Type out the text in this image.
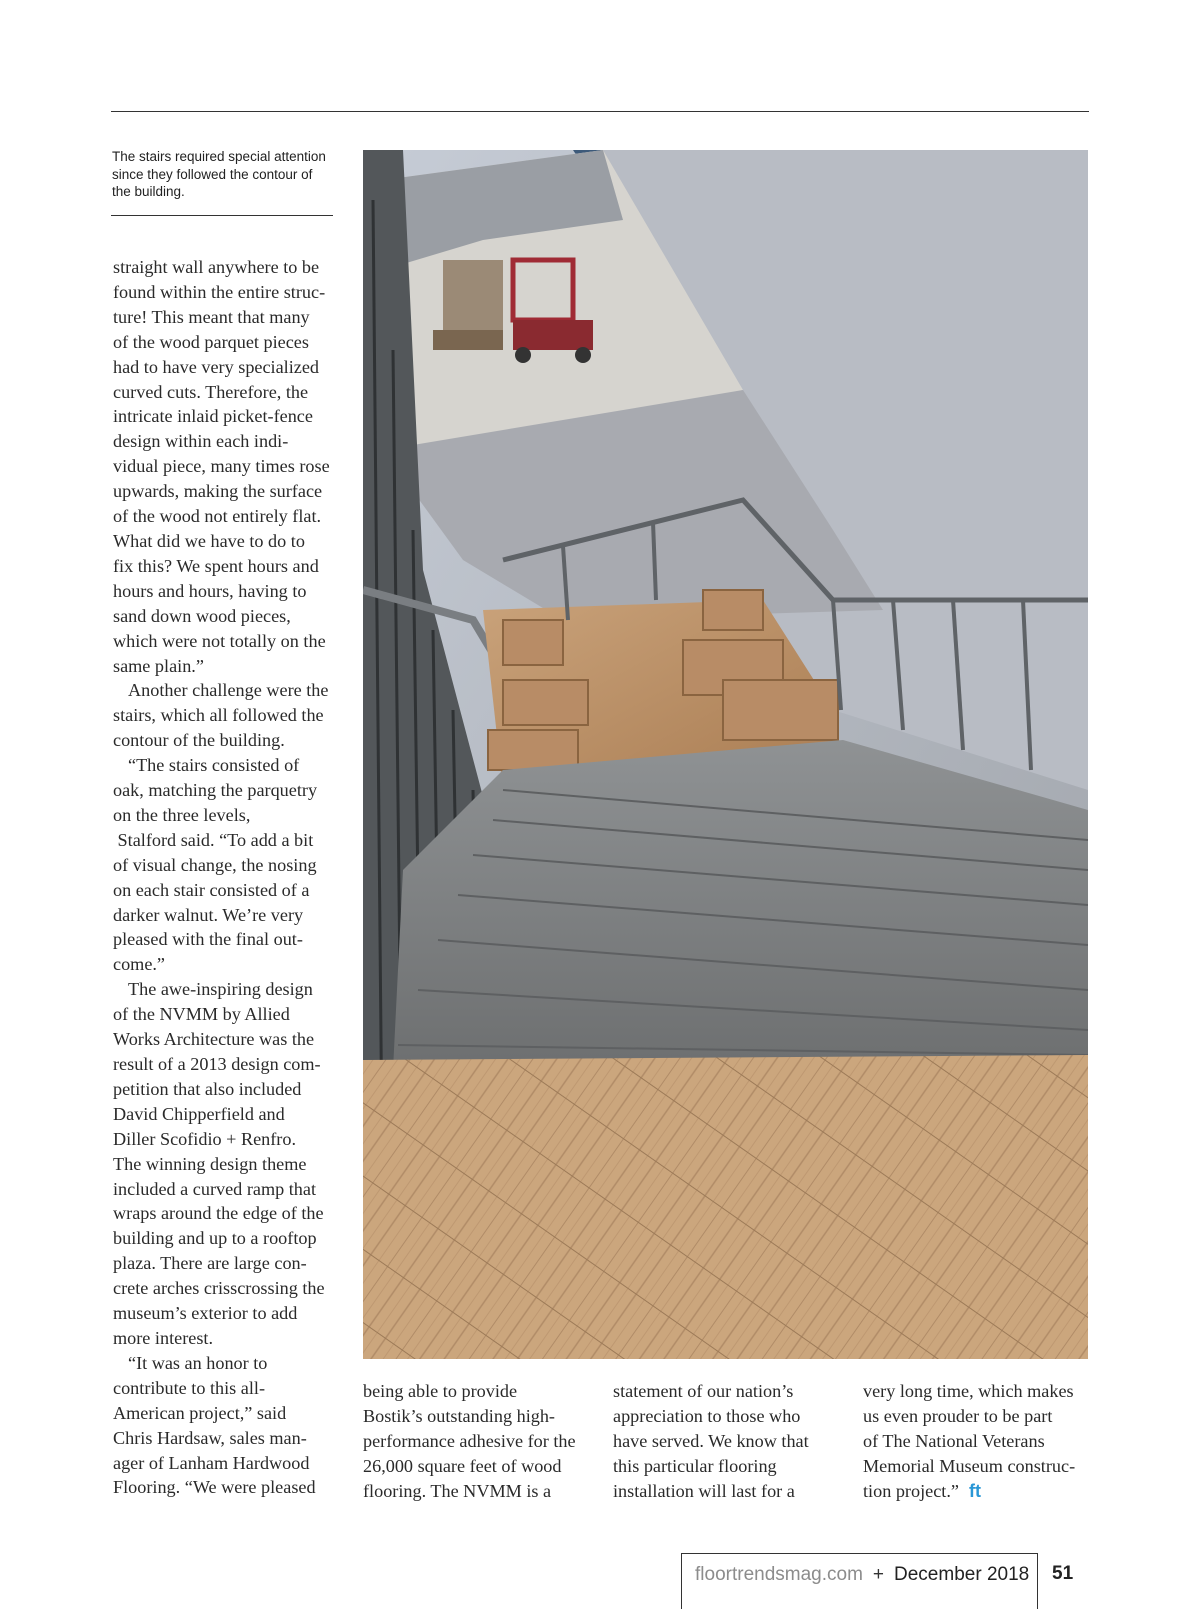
The stairs required special attention since they followed the contour of the building.

straight wall anywhere to be
found within the entire struc-
ture! This meant that many
of the wood parquet pieces
had to have very specialized
curved cuts. Therefore, the
intricate inlaid picket-fence
design within each indi-
vidual piece, many times rose
upwards, making the surface
of the wood not entirely flat.
What did we have to do to
fix this? We spent hours and
hours and hours, having to
sand down wood pieces,
which were not totally on the
same plain.”

Another challenge were the
stairs, which all followed the
contour of the building.

“The stairs consisted of
oak, matching the parquetry
on the three levels,
Stalford said. “To add a bit
of visual change, the nosing
on each stair consisted of a
darker walnut. We’re very
pleased with the final out-
come.”

The awe-inspiring design
of the NVMM by Allied
Works Architecture was the
result of a 2013 design com-
petition that also included
David Chipperfield and
Diller Scofidio + Renfro.
The winning design theme
included a curved ramp that
wraps around the edge of the
building and up to a rooftop
plaza. There are large con-
crete arches crisscrossing the
museum’s exterior to add
more interest.

“It was an honor to
contribute to this all-
American project,” said
Chris Hardsaw, sales man-
ager of Lanham Hardwood
Flooring. “We were pleased

being able to provide
Bostik’s outstanding high-
performance adhesive for the
26,000 square feet of wood
flooring. The NVMM is a
statement of our nation’s
appreciation to those who
have served. We know that
this particular flooring
installation will last for a
very long time, which makes
us even prouder to be part
of The National Veterans
Memorial Museum construc-
tion project.” ft
floortrendsmag.com + December 2018 51
